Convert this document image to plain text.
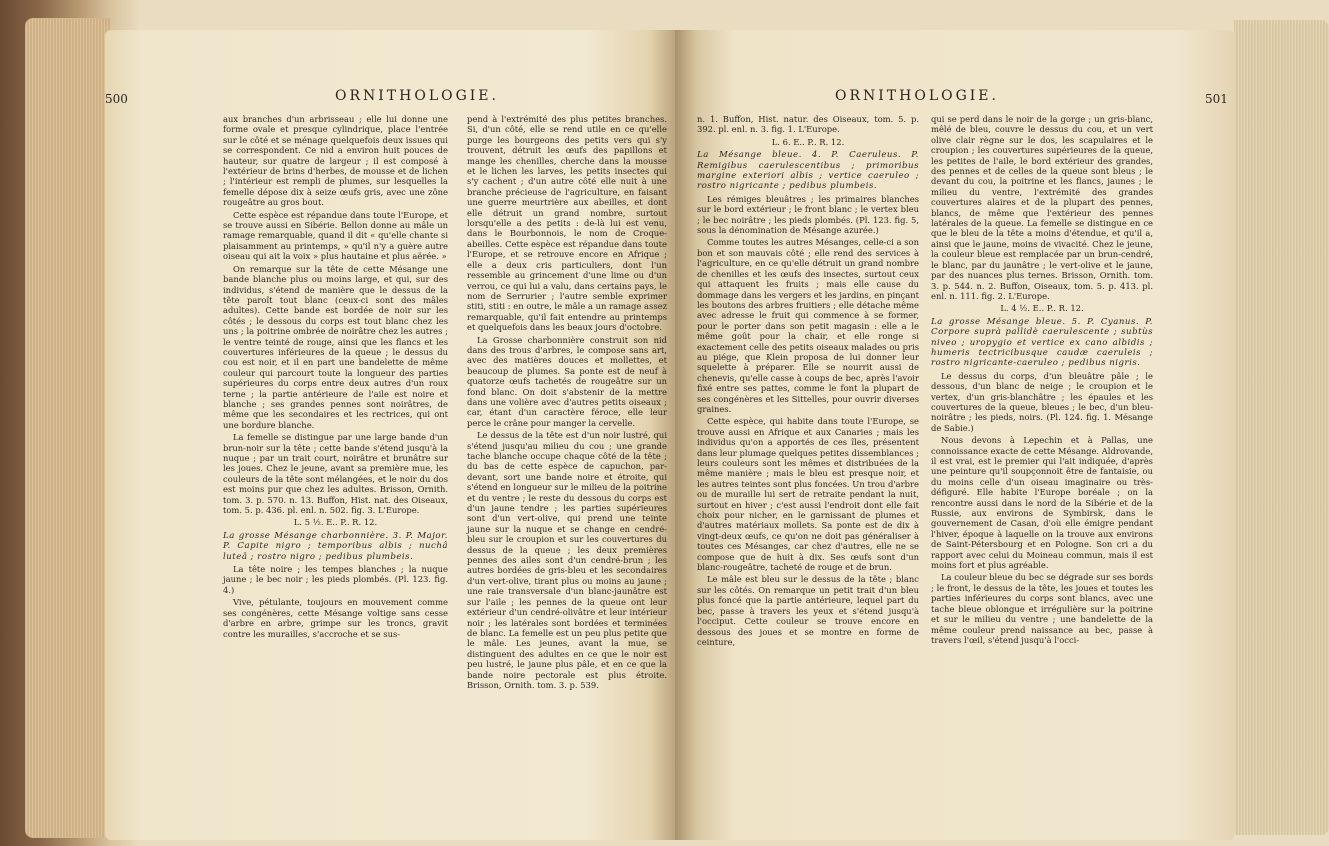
500	ORNITHOLOGIE.

aux branches d'un arbrisseau ; elle lui donne une forme ovale et presque cylindrique, place l'entrée sur le côté et se ménage quelquefois deux issues qui se correspondent. Ce nid a environ huit pouces de hauteur, sur quatre de largeur ; il est composé à l'extérieur de brins d'herbes, de mousse et de lichen ; l'intérieur est rempli de plumes, sur lesquelles la femelle dépose dix à seize œufs gris, avec une zône rougeâtre au gros bout.

Cette espèce est répandue dans toute l'Europe, et se trouve aussi en Sibérie. Bellon donne au mâle un ramage remarquable, quand il dit « qu'elle chante si plaisamment au printemps, » qu'il n'y a guère autre oiseau qui ait la voix » plus hautaine et plus aërée. »

On remarque sur la tête de cette Mésange une bande blanche plus ou moins large, et qui, sur des individus, s'étend de manière que le dessus de la tête paroît tout blanc (ceux-ci sont des mâles adultes). Cette bande est bordée de noir sur les côtés ; le dessous du corps est tout blanc chez les uns ; la poitrine ombrée de noirâtre chez les autres ; le ventre teinté de rouge, ainsi que les flancs et les couvertures inférieures de la queue ; le dessus du cou est noir, et il en part une bandelette de même couleur qui parcourt toute la longueur des parties supérieures du corps entre deux autres d'un roux terne ; la partie antérieure de l'aile est noire et blanche ; ses grandes pennes sont noirâtres, de même que les secondaires et les rectrices, qui ont une bordure blanche.

La femelle se distingue par une large bande d'un brun-noir sur la tête ; cette bande s'étend jusqu'à la nuque ; par un trait court, noirâtre et brunâtre sur les joues. Chez le jeune, avant sa première mue, les couleurs de la tête sont mélangées, et le noir du dos est moins pur que chez les adultes. Brisson, Ornith. tom. 3. p. 570. n. 13. Buffon, Hist. nat. des Oiseaux, tom. 5. p. 436. pl. enl. n. 502. fig. 3. L'Europe.

L. 5 ½. E.. P.. R. 12.

La grosse Mésange charbonnière. 3. P. Major. P. Capite nigro ; temporibus albis ; nuchâ luteâ ; rostro nigro ; pedibus plumbeis.

La tête noire ; les tempes blanches ; la nuque jaune ; le bec noir ; les pieds plombés. (Pl. 123. fig. 4.)

Vive, pétulante, toujours en mouvement comme ses congénères, cette Mésange voltige sans cesse d'arbre en arbre, grimpe sur les troncs, gravit contre les murailles, s'accroche et se sus-

pend à l'extrémité des plus petites branches. Si, d'un côté, elle se rend utile en ce qu'elle purge les bourgeons des petits vers qui s'y trouvent, détruit les œufs des papillons et mange les chenilles, cherche dans la mousse et le lichen les larves, les petits insectes qui s'y cachent ; d'un autre côté elle nuit à une branche précieuse de l'agriculture, en faisant une guerre meurtrière aux abeilles, et dont elle détruit un grand nombre, surtout lorsqu'elle a des petits : de-là lui est venu, dans le Bourbonnois, le nom de Croque-abeilles. Cette espèce est répandue dans toute l'Europe, et se retrouve encore en Afrique ; elle a deux cris particuliers, dont l'un ressemble au grincement d'une lime ou d'un verrou, ce qui lui a valu, dans certains pays, le nom de Serrurier ; l'autre semble exprimer stiti, stiti : en outre, le mâle a un ramage assez remarquable, qu'il fait entendre au printemps et quelquefois dans les beaux jours d'octobre.

La Grosse charbonnière construit son nid dans des trous d'arbres, le compose sans art, avec des matières douces et mollettes, et beaucoup de plumes. Sa ponte est de neuf à quatorze œufs tachetés de rougeâtre sur un fond blanc. On doit s'abstenir de la mettre dans une volière avec d'autres petits oiseaux ; car, étant d'un caractère féroce, elle leur perce le crâne pour manger la cervelle.

Le dessus de la tête est d'un noir lustré, qui s'étend jusqu'au milieu du cou ; une grande tache blanche occupe chaque côté de la tête ; du bas de cette espèce de capuchon, par-devant, sort une bande noire et étroite, qui s'étend en longueur sur le milieu de la poitrine et du ventre ; le reste du dessous du corps est d'un jaune tendre ; les parties supérieures sont d'un vert-olive, qui prend une teinte jaune sur la nuque et se change en cendré-bleu sur le croupion et sur les couvertures du dessus de la queue ; les deux premières pennes des ailes sont d'un cendré-brun ; les autres bordées de gris-bleu et les secondaires d'un vert-olive, tirant plus ou moins au jaune ; une raie transversale d'un blanc-jaunâtre est sur l'aile ; les pennes de la queue ont leur extérieur d'un cendré-olivâtre et leur intérieur noir ; les latérales sont bordées et terminées de blanc. La femelle est un peu plus petite que le mâle. Les jeunes, avant la mue, se distinguent des adultes en ce que le noir est peu lustré, le jaune plus pâle, et en ce que la bande noire pectorale est plus étroite. Brisson, Ornith. tom. 3. p. 539.

ORNITHOLOGIE.	501

n. 1. Buffon, Hist. natur. des Oiseaux, tom. 5. p. 392. pl. enl. n. 3. fig. 1. L'Europe.

L. 6. E.. P.. R. 12.

La Mésange bleue. 4. P. Caeruleus. P. Remigibus caerulescentibus ; primoribus margine exteriori albis ; vertice caeruleo ; rostro nigricante ; pedibus plumbeis.

Les rémiges bleuâtres ; les primaires blanches sur le bord extérieur ; le front blanc ; le vertex bleu ; le bec noirâtre ; les pieds plombés. (Pl. 123. fig. 5, sous la dénomination de Mésange azurée.)

Comme toutes les autres Mésanges, celle-ci a son bon et son mauvais côté ; elle rend des services à l'agriculture, en ce qu'elle détruit un grand nombre de chenilles et les œufs des insectes, surtout ceux qui attaquent les fruits ; mais elle cause du dommage dans les vergers et les jardins, en pinçant les boutons des arbres fruitiers ; elle détache même avec adresse le fruit qui commence à se former, pour le porter dans son petit magasin : elle a le même goût pour la chair, et elle ronge si exactement celle des petits oiseaux malades ou pris au piége, que Klein proposa de lui donner leur squelette à préparer. Elle se nourrit aussi de chenevis, qu'elle casse à coups de bec, après l'avoir fixé entre ses pattes, comme le font la plupart de ses congénères et les Sittelles, pour ouvrir diverses graines.

Cette espèce, qui habite dans toute l'Europe, se trouve aussi en Afrique et aux Canaries ; mais les individus qu'on a apportés de ces îles, présentent dans leur plumage quelques petites dissemblances ; leurs couleurs sont les mêmes et distribuées de la même manière ; mais le bleu est presque noir, et les autres teintes sont plus foncées. Un trou d'arbre ou de muraille lui sert de retraite pendant la nuit, surtout en hiver ; c'est aussi l'endroit dont elle fait choix pour nicher, en le garnissant de plumes et d'autres matériaux mollets. Sa ponte est de dix à vingt-deux œufs, ce qu'on ne doit pas généraliser à toutes ces Mésanges, car chez d'autres, elle ne se compose que de huit à dix. Ses œufs sont d'un blanc-rougeâtre, tacheté de rouge et de brun.

Le mâle est bleu sur le dessus de la tête ; blanc sur les côtés. On remarque un petit trait d'un bleu plus foncé que la partie antérieure, lequel part du bec, passe à travers les yeux et s'étend jusqu'à l'occiput. Cette couleur se trouve encore en dessous des joues et se montre en forme de ceinture,

qui se perd dans le noir de la gorge ; un gris-blanc, mêlé de bleu, couvre le dessus du cou, et un vert olive clair règne sur le dos, les scapulaires et le croupion ; les couvertures supérieures de la queue, les petites de l'aile, le bord extérieur des grandes, des pennes et de celles de la queue sont bleus ; le devant du cou, la poitrine et les flancs, jaunes ; le milieu du ventre, l'extrémité des grandes couvertures alaires et de la plupart des pennes, blancs, de même que l'extérieur des pennes latérales de la queue. La femelle se distingue en ce que le bleu de la tête a moins d'étendue, et qu'il a, ainsi que le jaune, moins de vivacité. Chez le jeune, la couleur bleue est remplacée par un brun-cendré, le blanc, par du jaunâtre ; le vert-olive et le jaune, par des nuances plus ternes. Brisson, Ornith. tom. 3. p. 544. n. 2. Buffon, Oiseaux, tom. 5. p. 413. pl. enl. n. 111. fig. 2. L'Europe.

L. 4 ½. E.. P.. R. 12.

La grosse Mésange bleue. 5. P. Cyanus. P. Corpore suprà pallidè caerulescente ; subtùs niveo ; uropygio et vertice ex cano albidis ; humeris tectricibusque caudæ caeruleis ; rostro nigricante-caeruleo ; pedibus nigris.

Le dessus du corps, d'un bleuâtre pâle ; le dessous, d'un blanc de neige ; le croupion et le vertex, d'un gris-blanchâtre ; les épaules et les couvertures de la queue, bleues ; le bec, d'un bleu-noirâtre ; les pieds, noirs. (Pl. 124. fig. 1. Mésange de Sabie.)

Nous devons à Lepechin et à Pallas, une connoissance exacte de cette Mésange. Aldrovande, il est vrai, est le premier qui l'ait indiquée, d'après une peinture qu'il soupçonnoit être de fantaisie, ou du moins celle d'un oiseau imaginaire ou très-défiguré. Elle habite l'Europe boréale ; on la rencontre aussi dans le nord de la Sibérie et de la Russie, aux environs de Symbirsk, dans le gouvernement de Casan, d'où elle émigre pendant l'hiver, époque à laquelle on la trouve aux environs de Saint-Pétersbourg et en Pologne. Son cri a du rapport avec celui du Moineau commun, mais il est moins fort et plus agréable.

La couleur bleue du bec se dégrade sur ses bords ; le front, le dessus de la tête, les joues et toutes les parties inférieures du corps sont blancs, avec une tache bleue oblongue et irrégulière sur la poitrine et sur le milieu du ventre ; une bandelette de la même couleur prend naissance au bec, passe à travers l'œil, s'étend jusqu'à l'occi-
